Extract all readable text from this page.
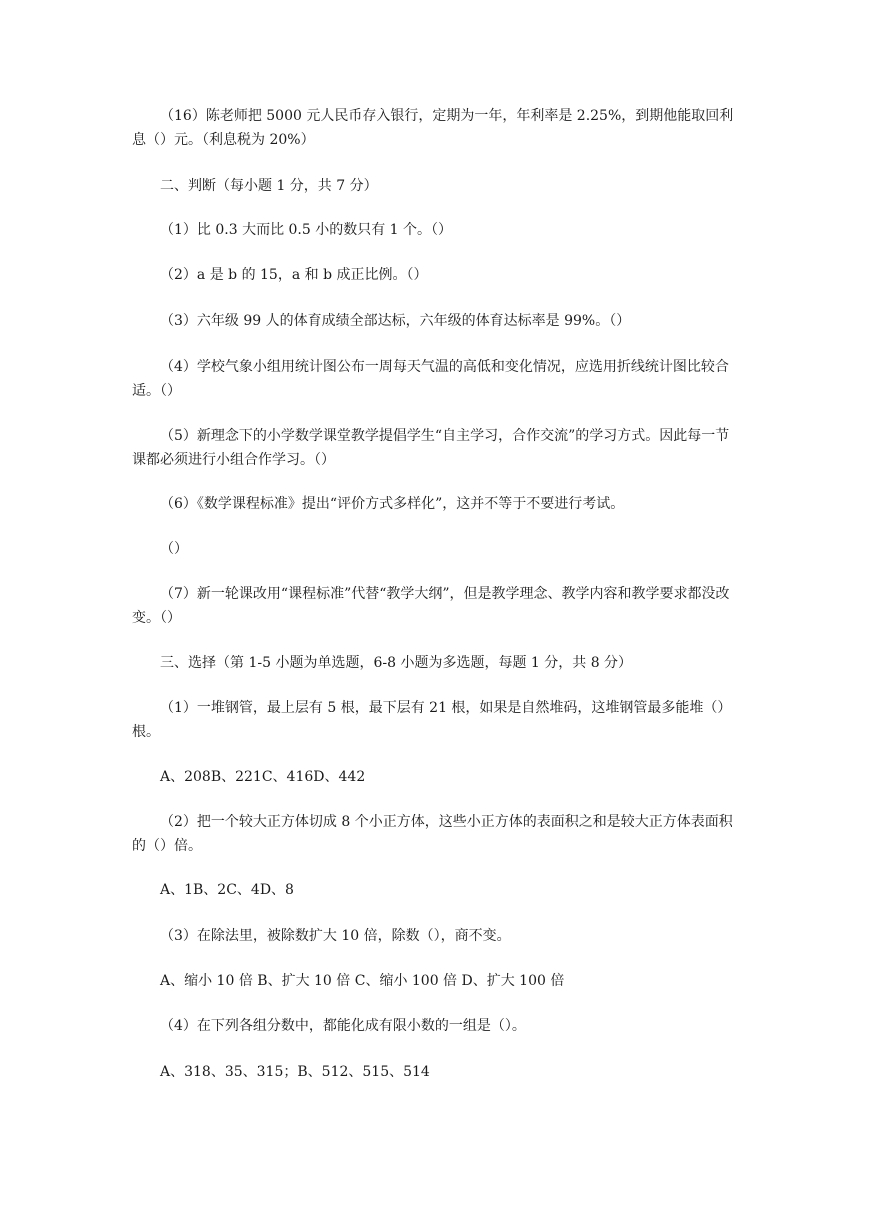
（16）陈老师把 5000 元人民币存入银行，定期为一年，年利率是 2.25%，到期他能取回利息（）元。（利息税为 20%）

二、判断（每小题 1 分，共 7 分）

（1）比 0.3 大而比 0.5 小的数只有 1 个。（）

（2）a 是 b 的 15，a 和 b 成正比例。（）

（3）六年级 99 人的体育成绩全部达标，六年级的体育达标率是 99%。（）

（4）学校气象小组用统计图公布一周每天气温的高低和变化情况，应选用折线统计图比较合适。（）

（5）新理念下的小学数学课堂教学提倡学生“自主学习，合作交流”的学习方式。因此每一节课都必须进行小组合作学习。（）

（6）《数学课程标准》提出“评价方式多样化”，这并不等于不要进行考试。

（）

（7）新一轮课改用“课程标准”代替“教学大纲”，但是教学理念、教学内容和教学要求都没改变。（）

三、选择（第 1-5 小题为单选题，6-8 小题为多选题，每题 1 分，共 8 分）

（1）一堆钢管，最上层有 5 根，最下层有 21 根，如果是自然堆码，这堆钢管最多能堆（）根。

A、208B、221C、416D、442

（2）把一个较大正方体切成 8 个小正方体，这些小正方体的表面积之和是较大正方体表面积的（）倍。

A、1B、2C、4D、8

（3）在除法里，被除数扩大 10 倍，除数（），商不变。

A、缩小 10 倍 B、扩大 10 倍 C、缩小 100 倍 D、扩大 100 倍

（4）在下列各组分数中，都能化成有限小数的一组是（）。

A、318、35、315；B、512、515、514
